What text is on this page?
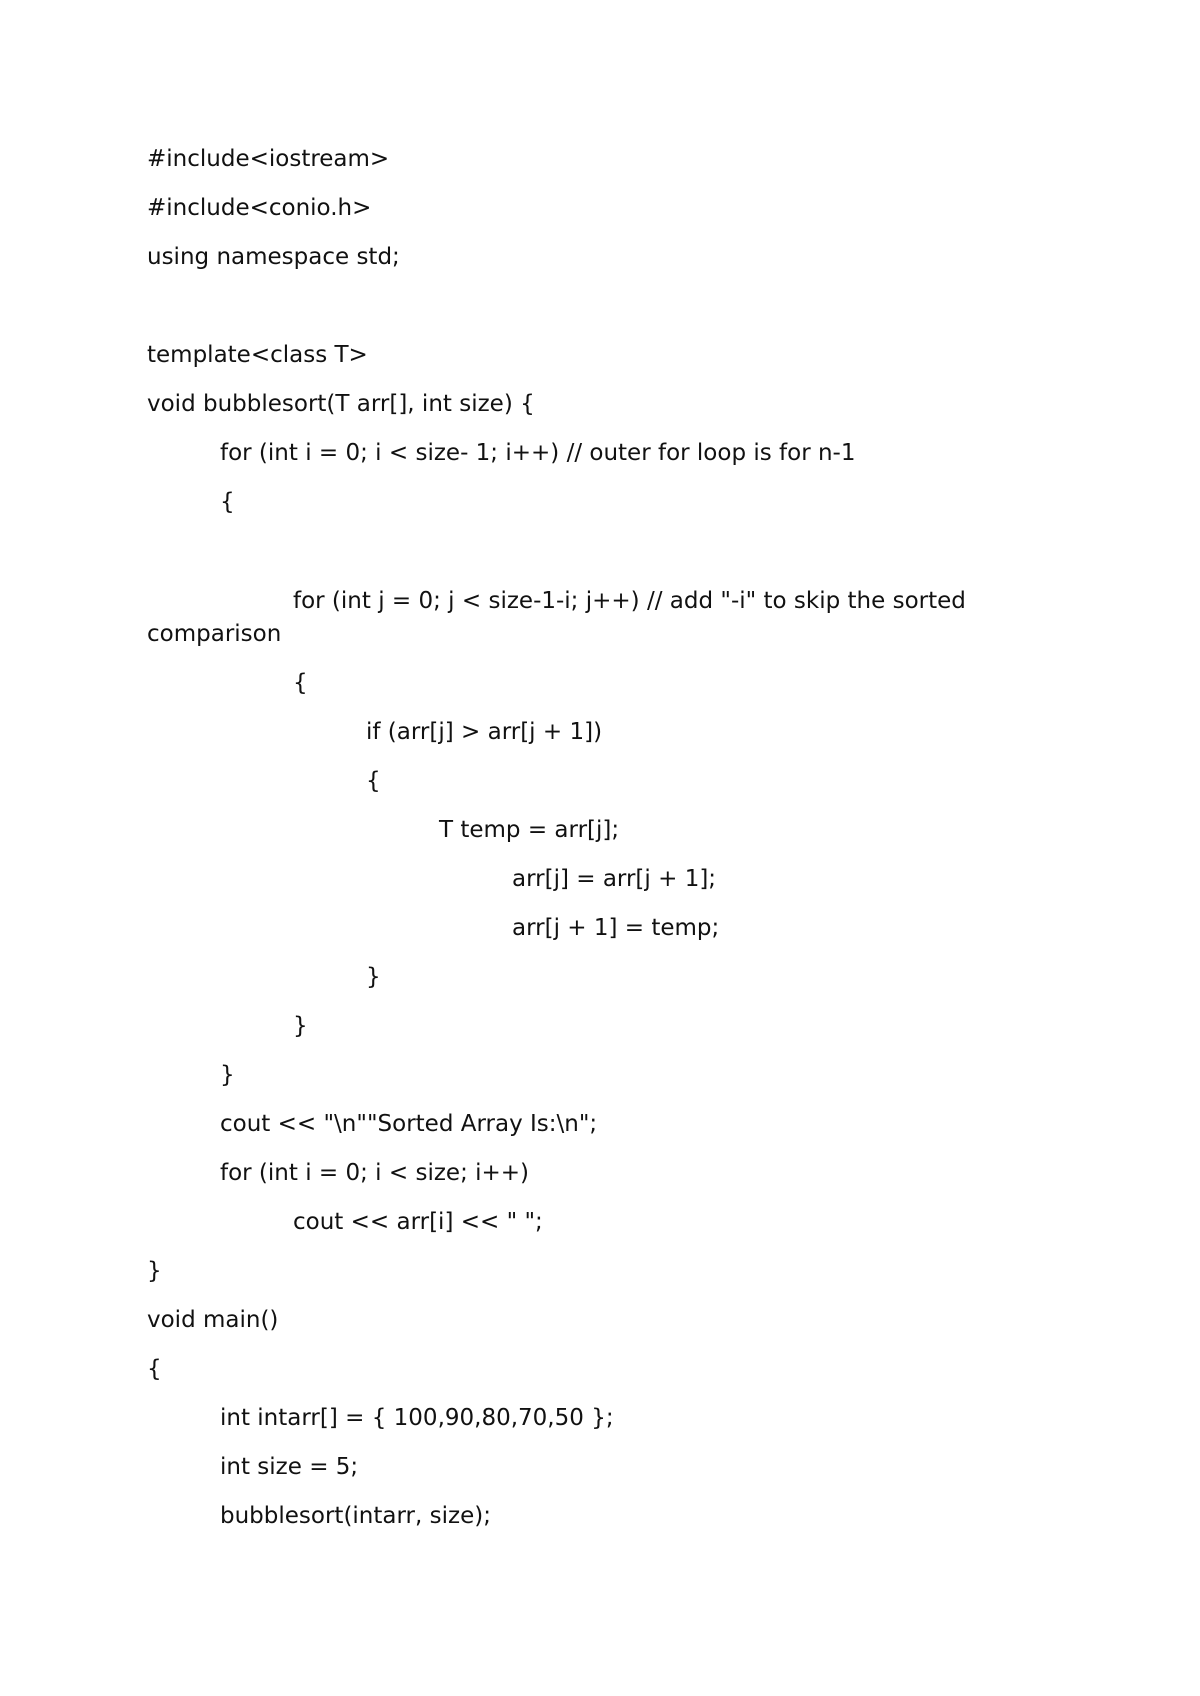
#include<iostream>
#include<conio.h>
using namespace std;
template<class T>
void bubblesort(T arr[], int size) {
for (int i = 0; i < size- 1; i++) // outer for loop is for n-1
{
for (int j = 0; j < size-1-i; j++) // add "-i" to skip the sorted
comparison
{
if (arr[j] > arr[j + 1])
{
T temp = arr[j];
arr[j] = arr[j + 1];
arr[j + 1] = temp;
}
}
}
cout << "\n""Sorted Array Is:\n";
for (int i = 0; i < size; i++)
cout << arr[i] << " ";
}
void main()
{
int intarr[] = { 100,90,80,70,50 };
int size = 5;
bubblesort(intarr, size);
